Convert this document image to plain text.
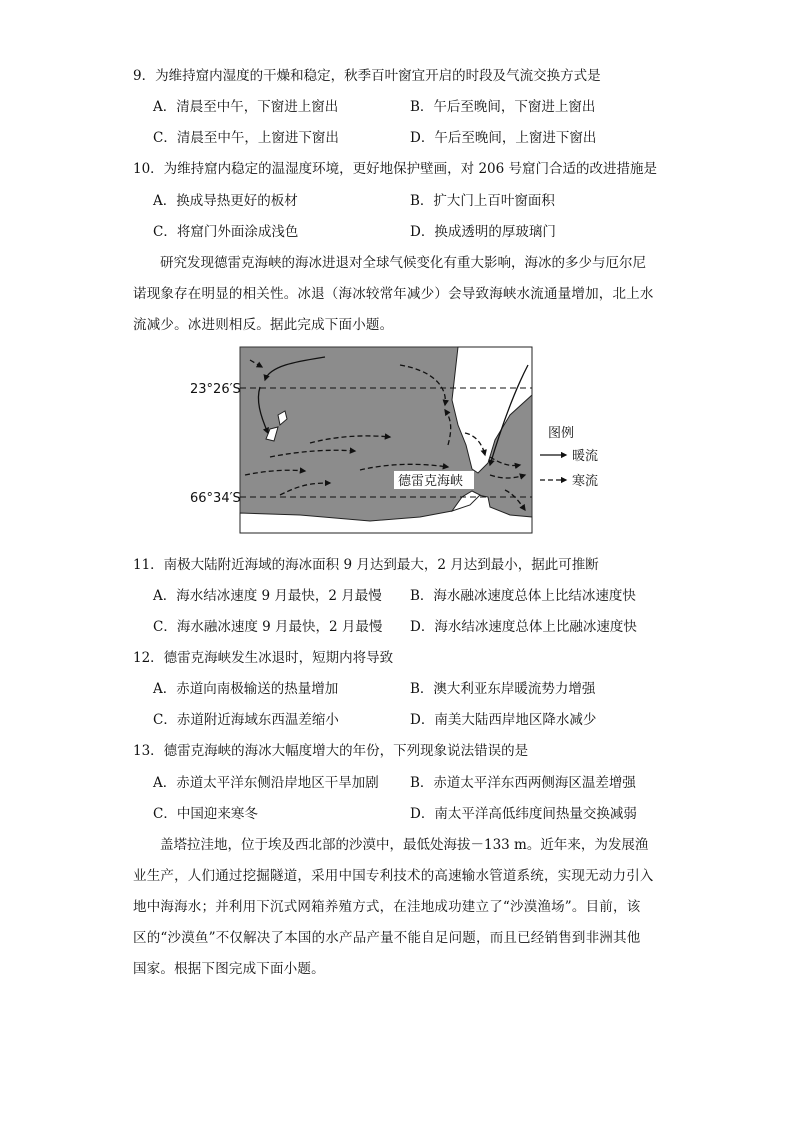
9．为维持窟内湿度的干燥和稳定，秋季百叶窗宜开启的时段及气流交换方式是
A．清晨至中午，下窗进上窗出	B．午后至晚间，下窗进上窗出
C．清晨至中午，上窗进下窗出	D．午后至晚间，上窗进下窗出
10．为维持窟内稳定的温湿度环境，更好地保护壁画，对 206 号窟门合适的改进措施是
A．换成导热更好的板材	B．扩大门上百叶窗面积
C．将窟门外面涂成浅色	D．换成透明的厚玻璃门
研究发现德雷克海峡的海冰进退对全球气候变化有重大影响，海冰的多少与厄尔尼
诺现象存在明显的相关性。冰退（海冰较常年减少）会导致海峡水流通量增加，北上水
流减少。冰进则相反。据此完成下面小题。
德雷克海峡
23°26′S
66°34′S
图例
暖流
寒流
11．南极大陆附近海域的海冰面积 9 月达到最大，2 月达到最小，据此可推断
A．海水结冰速度 9 月最快，2 月最慢 B．海水融冰速度总体上比结冰速度快
C．海水融冰速度 9 月最快，2 月最慢 D．海水结冰速度总体上比融冰速度快
12．德雷克海峡发生冰退时，短期内将导致
A．赤道向南极输送的热量增加	B．澳大利亚东岸暖流势力增强
C．赤道附近海域东西温差缩小	D．南美大陆西岸地区降水减少
13．德雷克海峡的海冰大幅度增大的年份，下列现象说法错误的是
A．赤道太平洋东侧沿岸地区干旱加剧 B．赤道太平洋东西两侧海区温差增强
C．中国迎来寒冬	D．南太平洋高低纬度间热量交换减弱
盖塔拉洼地，位于埃及西北部的沙漠中，最低处海拔－133 m。近年来，为发展渔
业生产，人们通过挖掘隧道，采用中国专利技术的高速输水管道系统，实现无动力引入
地中海海水；并利用下沉式网箱养殖方式，在洼地成功建立了“沙漠渔场”。目前，该
区的“沙漠鱼”不仅解决了本国的水产品产量不能自足问题，而且已经销售到非洲其他
国家。根据下图完成下面小题。
